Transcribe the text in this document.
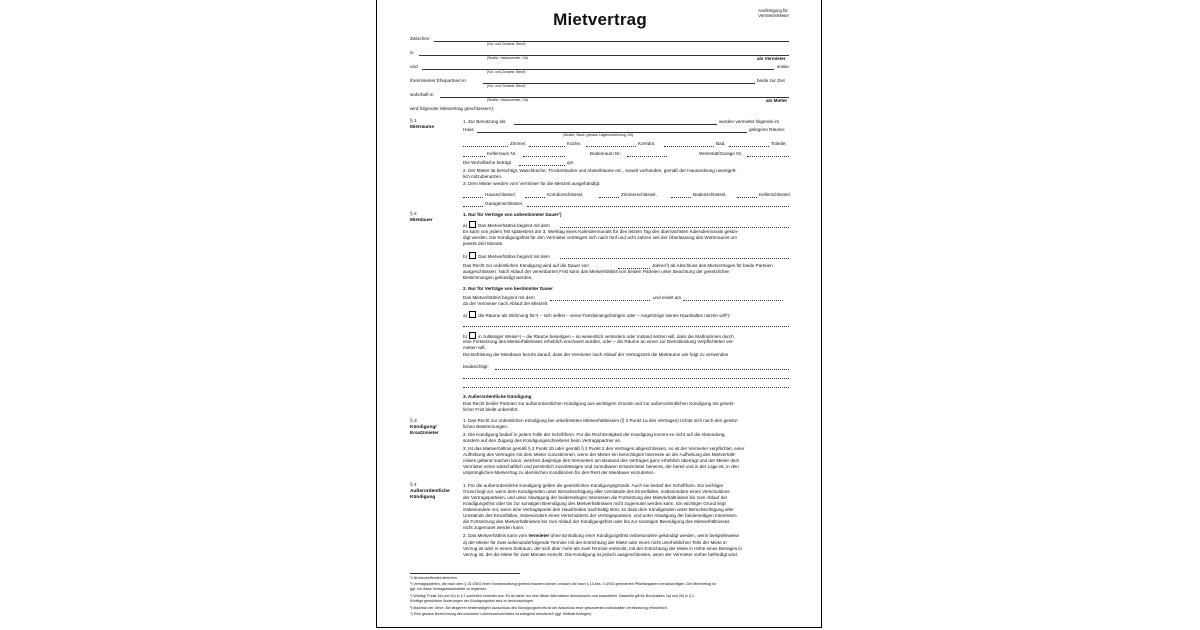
Mietvertrag	Ausfertigung für
Vermieter/Mieter
Zwischen
(Vor- und Zuname, Beruf)
in
(Straße, Hausnummer, Ort)	als Vermieter
und	sowie
(Vor- und Zuname, Beruf)
Ihrem/seiner Ehepartner/-in	beide zur Zeit
(Vor- und Zuname, Beruf)
wohnhaft in
(Straße, Hausnummer, Ort)	als Mieter
wird folgender Mietvertrag geschlossen¹):
§ 1
Mieträume
1. Zur Benutzung als	werden vermietet folgende im
Haus	gelegene Räume:
(Straße, Stock, genaue Lagebezeichnung, Ort)
Zimmer,	Küche,	Korridor,	Bad,	Toilette,
Kellerraum Nr.	Bodenraum Nr.	Werkstatt/Garage Nr.
Die Wohnfläche beträgt	qm.
2. Der Mieter ist berechtigt, Waschküche, Trockenboden und Abstellräume etc., soweit vorhanden, gemäß der Hausordnung unentgelt-
lich mitzubenutzen.
3. Dem Mieter werden vom Vermieter für die Mietzeit ausgehändigt:
Hausschlüssel,	Korridorschlüssel,	Zimmerschlüssel,	Bodenschlüssel,	Kellerschlüssel,
Garagenschlüssel,
§ 2
Mietdauer
1. Nur für Verträge von unbestimmter Dauer²)
a) Das Mietverhältnis beginnt mit dem
Es kann von jedem Teil spätestens am 3. Werktag eines Kalendermonats für den letzten Tag des übernächsten Kalendermonats gekün-
digt werden. Die Kündigungsfrist für den Vermieter verlängert sich nach fünf und acht Jahren seit der Überlassung des Wohnraums um
jeweils drei Monate.
b) Das Mietverhältnis beginnt mit dem
Das Recht zur ordentlichen Kündigung wird auf die Dauer von	Jahren³) ab Abschluss des Mietvertrages für beide Parteien
ausgeschlossen. Nach Ablauf der vereinbarten Frist kann das Mietverhältnis von beiden Parteien unter Beachtung der gesetzlichen
Bestimmungen gekündigt werden.
2. Nur für Verträge von bestimmter Dauer
Das Mietverhältnis beginnt mit dem	und endet am
da der Vermieter nach Ablauf der Mietzeit
a) die Räume als Wohnung für⁴) – sich selbst – seine Familienangehörigen oder – Angehörige seines Haushaltes nutzen will⁵):
b) in zulässiger Weise⁴) – die Räume beseitigen – so wesentlich verändern oder instand setzen will, dass die Maßnahmen durch
eine Fortsetzung des Mietverhältnisses erheblich erschwert würden, oder – die Räume an einen zur Dienstleistung Verpflichteten ver-
mieten will.
Die Befristung der Mietdauer beruht darauf, dass der Vermieter nach Ablauf der Vertragszeit die Mieträume wie folgt zu verwenden
beabsichtigt:
3. Außerordentliche Kündigung
Das Recht beider Parteien zur außerordentlichen Kündigung aus wichtigem Grunde und zur außerordentlichen Kündigung mit gesetz-
licher Frist bleibt unberührt.
§ 3
Kündigung/
Ersatzmieter
1. Das Recht zur ordentlichen Kündigung bei unbefristeten Mietverhältnissen (§ 2 Punkt 1a des Vertrages) richtet sich nach den gesetz-
lichen Bestimmungen.
2. Die Kündigung bedarf in jedem Falle der Schriftform. Für die Rechtzeitigkeit der Kündigung kommt es nicht auf die Absendung,
sondern auf den Zugang des Kündigungsschreibens beim Vertragspartner an.
3. Ist das Mietverhältnis gemäß § 2 Punkt 1b oder gemäß § 2 Punkt 2 des Vertrages abgeschlossen, so ist der Vermieter verpflichtet, einer
Aufhebung des Vertrages mit dem Mieter zuzustimmen, wenn der Mieter ein berechtigtes Interesse an der Aufhebung des Mietverhält-
nisses geltend machen kann, welches dasjenige des Vermieters am Bestand des Vertrages ganz erheblich überragt und der Mieter dem
Vermieter einen wirtschaftlich und persönlich zuverlässigen und zumutbaren Ersatzmieter benennt, der bereit und in der Lage ist, in den
ursprünglichen Mietvertrag zu identischen Konditionen für den Rest der Mietdauer einzutreten.
§ 4
Außerordentliche
Kündigung
1. Für die außerordentliche Kündigung gelten die gesetzlichen Kündigungsgründe. Auch sie bedarf der Schriftform. Ein wichtiger
Grund liegt vor, wenn dem Kündigenden unter Berücksichtigung aller Umstände des Einzelfalles, insbesondere eines Verschuldens
der Vertragsparteien, und unter Abwägung der beiderseitigen Interessen die Fortsetzung des Mietverhältnisses bis zum Ablauf der
Kündigungsfrist oder bis zur sonstigen Beendigung des Mietverhältnisses nicht zugemutet werden kann. Ein wichtiger Grund liegt
insbesondere vor, wenn eine Vertragspartei den Hausfrieden nachhaltig stört, so dass dem Kündigenden unter Berücksichtigung aller
Umstände des Einzelfalles, insbesondere eines Verschuldens der Vertragsparteien, und unter Abwägung der beiderseitigen Interessen
die Fortsetzung des Mietverhältnisses bis zum Ablauf der Kündigungsfrist oder bis zur sonstigen Beendigung des Mietverhältnisses
nicht zugemutet werden kann.
2. Das Mietverhältnis kann vom Vermieter ohne Einhaltung einer Kündigungsfrist insbesondere gekündigt werden, wenn beispielsweise
a) der Mieter für zwei aufeinanderfolgende Termine mit der Entrichtung der Miete oder eines nicht unerheblichen Teils der Miete in
Verzug ist oder in einem Zeitraum, der sich über mehr als zwei Termine erstreckt, mit der Entrichtung der Miete in Höhe eines Betrages in
Verzug ist, der die Miete für zwei Monate erreicht. Die Kündigung ist jedoch ausgeschlossen, wenn der Vermieter vorher befriedigt wird.
*) Nichtzutreffendes streichen.
¹) Vertragsparteien, die nach dem § 15 UStG einen Vorsteuerabzug geltend machen können, müssen die nach § 14 Abs. 4 UStG geforderten Pflichtangaben berücksichtigen. Der Mietvertrag ist
ggf. um diese Vertragsbestandteile zu ergänzen.
²) Wichtig! Punkt 1a) und 1b) in § 2 schließen einander aus. Es ist daher nur eine dieser Alternativen anzukreuzen und auszufüllen. Dasselbe gilt für Buchstaben 2a) und 2b) in § 2.
Künftige gesetzliche Änderungen der Kündigungsfrist sind zu berücksichtigen.
³) Maximal vier Jahre. Bei längerem beiderseitigem Ausschluss des Kündigungsrechts ist der Abschluss einer gesonderten individuellen Vereinbarung erforderlich.
⁴) Eine genaue Bezeichnung des konkreten Lebenssachverhaltes ist zwingend erforderlich (ggf. Beiblatt beifügen).
